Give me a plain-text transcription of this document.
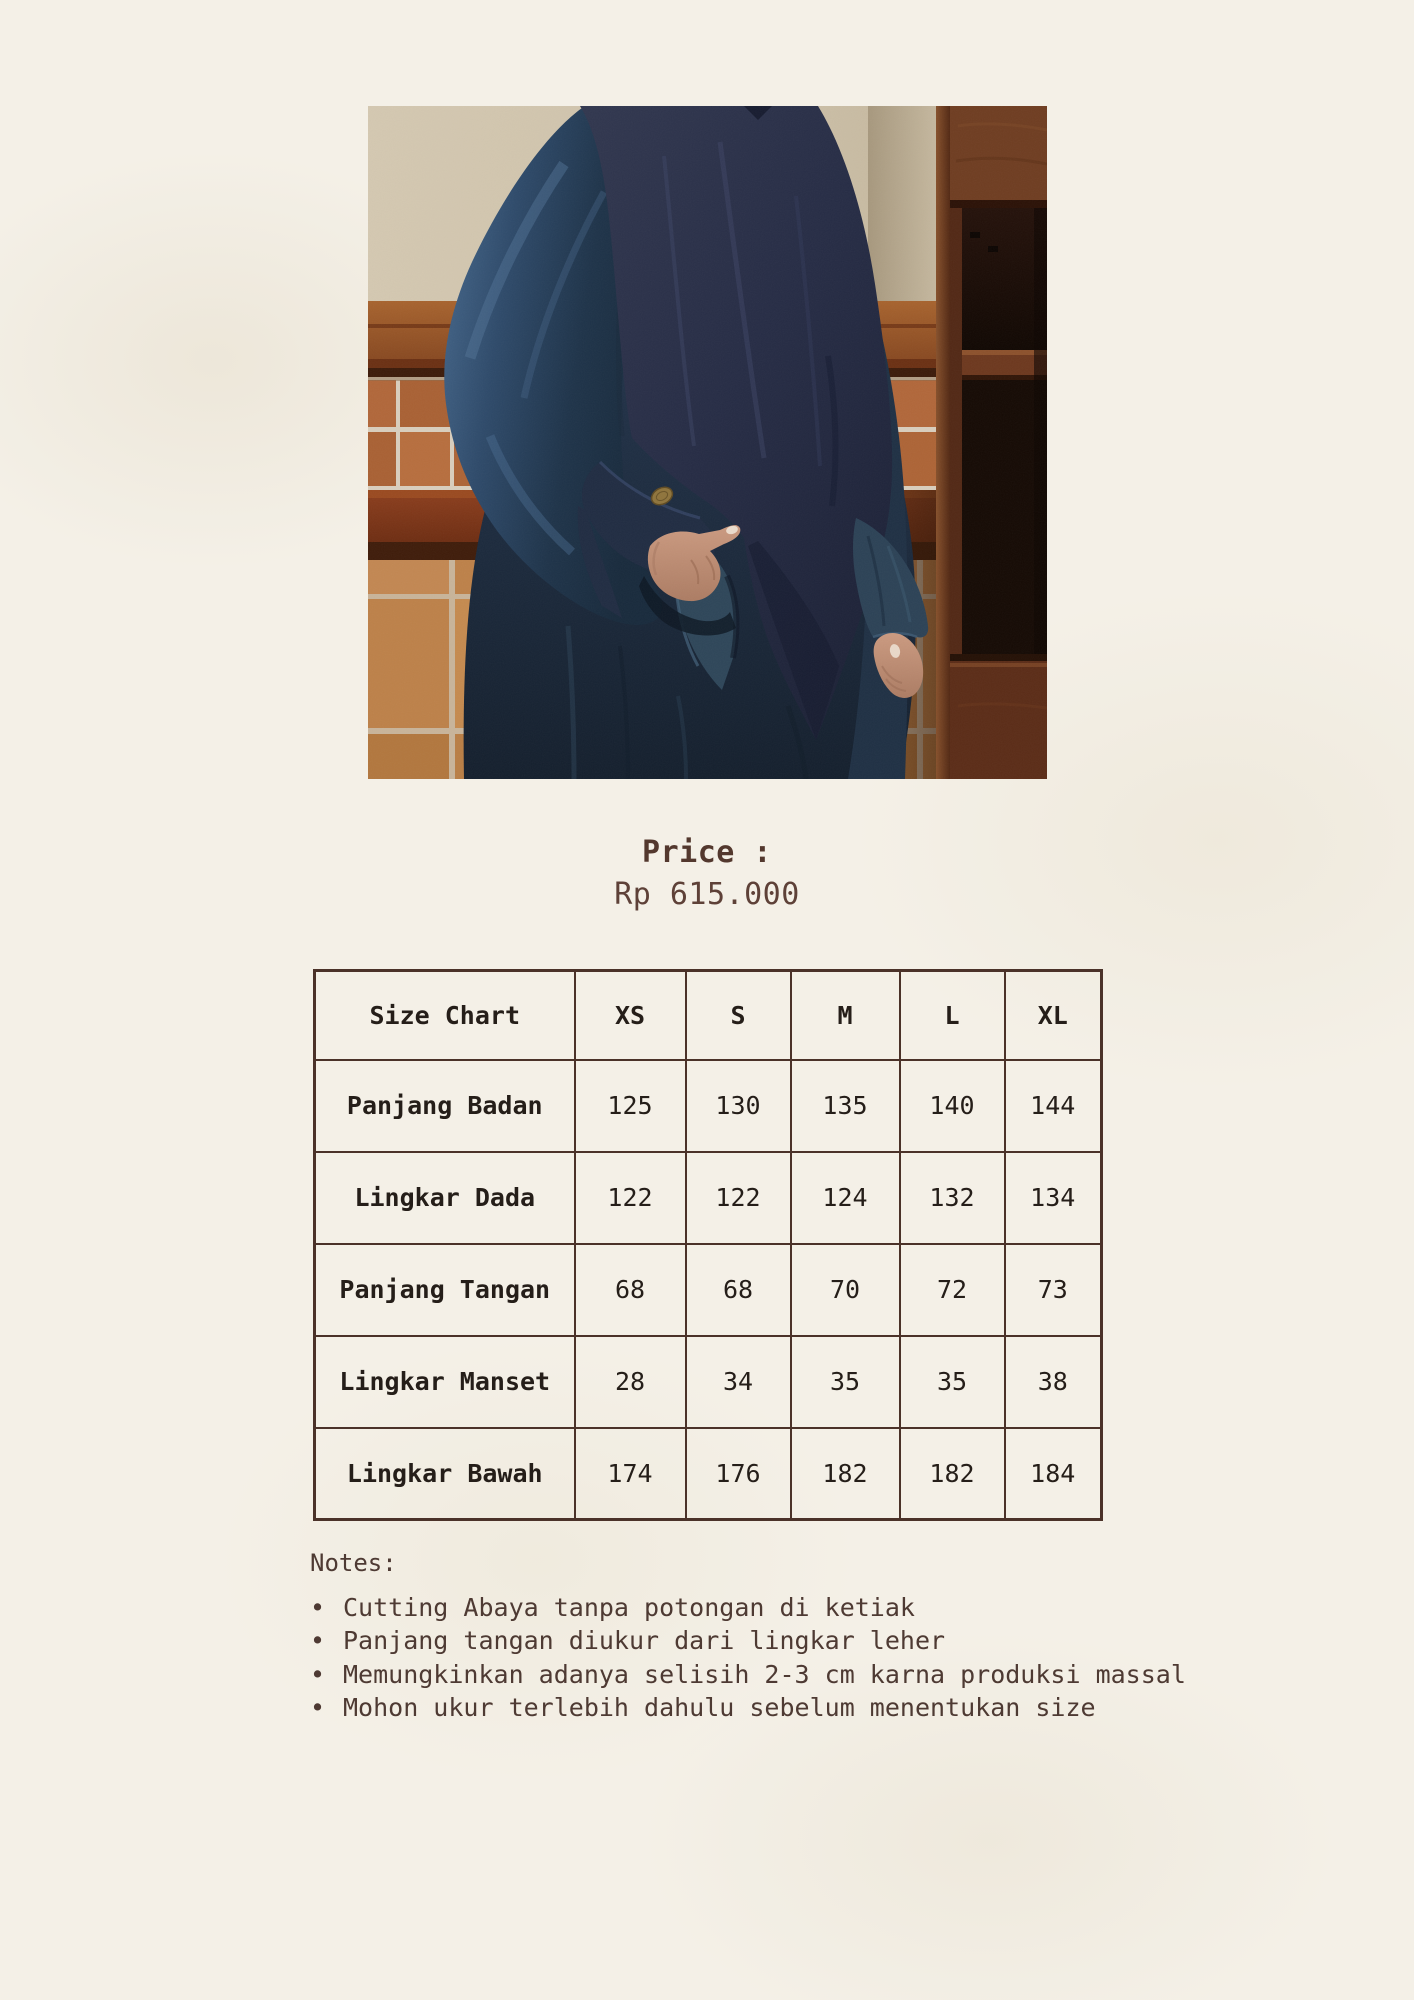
Price :
Rp 615.000
Size Chart	XS	S	M	L	XL
Panjang Badan	125	130	135	140	144
Lingkar Dada	122	122	124	132	134
Panjang Tangan	68	68	70	72	73
Lingkar Manset	28	34	35	35	38
Lingkar Bawah	174	176	182	182	184

Notes:

• Cutting Abaya tanpa potongan di ketiak
• Panjang tangan diukur dari lingkar leher
• Memungkinkan adanya selisih 2-3 cm karna produksi massal
• Mohon ukur terlebih dahulu sebelum menentukan size
